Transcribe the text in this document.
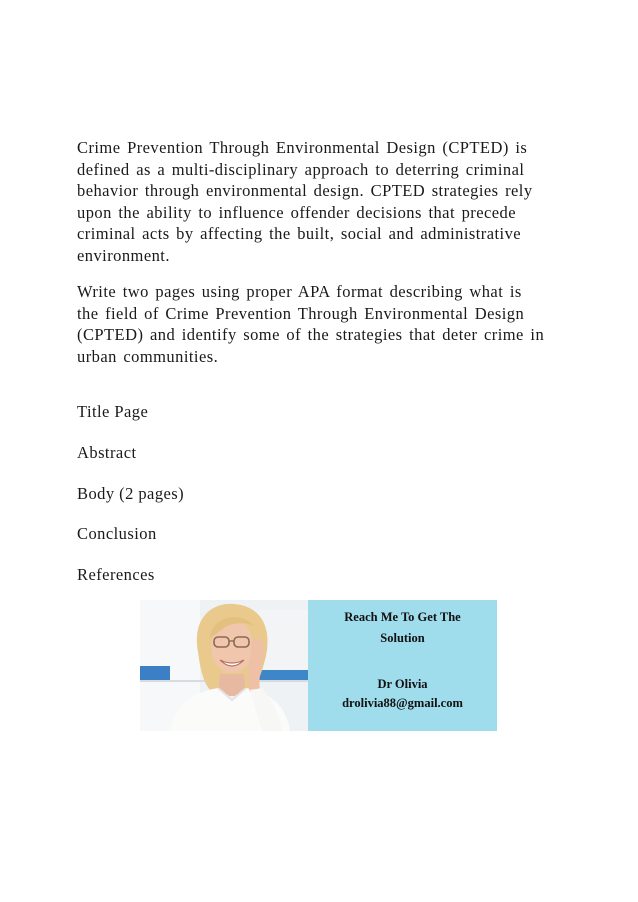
Crime Prevention Through Environmental Design (CPTED) is
defined as a multi-disciplinary approach to deterring criminal
behavior through environmental design. CPTED strategies rely
upon the ability to influence offender decisions that precede
criminal acts by affecting the built, social and administrative
environment.

Write two pages using proper APA format describing what is
the field of Crime Prevention Through Environmental Design
(CPTED) and identify some of the strategies that deter crime in
urban communities.

Title Page

Abstract

Body (2 pages)

Conclusion

References

Reach Me To Get The
Solution
Dr Olivia
drolivia88@gmail.com
